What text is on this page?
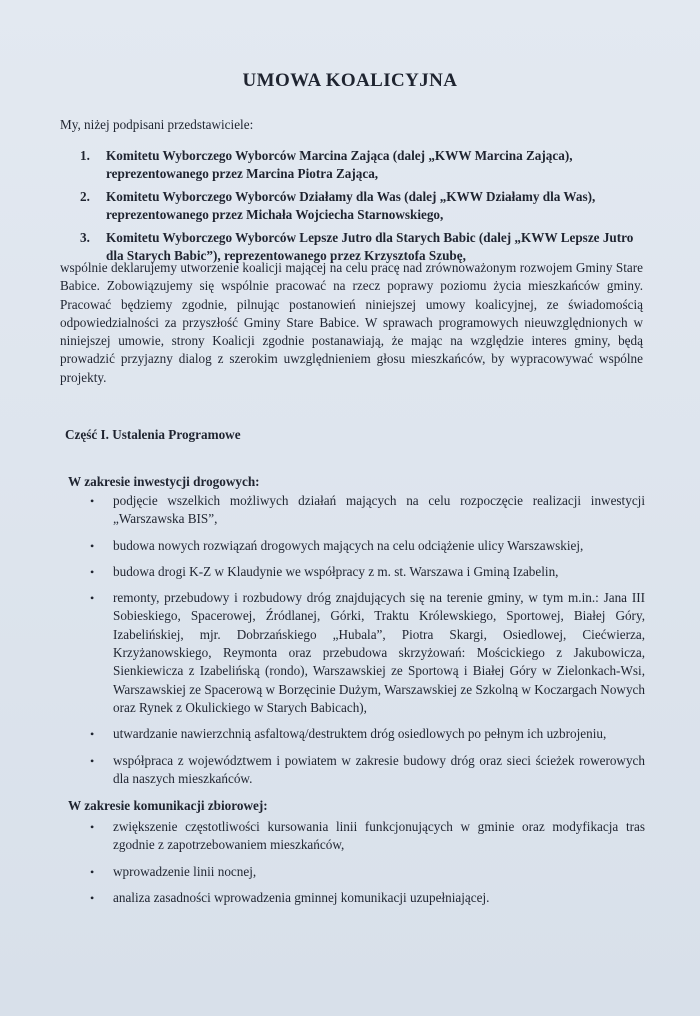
UMOWA KOALICYJNA
My, niżej podpisani przedstawiciele:
1. Komitetu Wyborczego Wyborców Marcina Zająca (dalej „KWW Marcina Zająca), reprezentowanego przez Marcina Piotra Zająca,
2. Komitetu Wyborczego Wyborców Działamy dla Was (dalej „KWW Działamy dla Was), reprezentowanego przez Michała Wojciecha Starnowskiego,
3. Komitetu Wyborczego Wyborców Lepsze Jutro dla Starych Babic (dalej „KWW Lepsze Jutro dla Starych Babic”), reprezentowanego przez Krzysztofa Szubę,
wspólnie deklarujemy utworzenie koalicji mającej na celu pracę nad zrównoważonym rozwojem Gminy Stare Babice. Zobowiązujemy się wspólnie pracować na rzecz poprawy poziomu życia mieszkańców gminy. Pracować będziemy zgodnie, pilnując postanowień niniejszej umowy koalicyjnej, ze świadomością odpowiedzialności za przyszłość Gminy Stare Babice. W sprawach programowych nieuwzględnionych w niniejszej umowie, strony Koalicji zgodnie postanawiają, że mając na względzie interes gminy, będą prowadzić przyjazny dialog z szerokim uwzględnieniem głosu mieszkańców, by wypracowywać wspólne projekty.
Część I. Ustalenia Programowe
W zakresie inwestycji drogowych:
• podjęcie wszelkich możliwych działań mających na celu rozpoczęcie realizacji inwestycji „Warszawska BIS”,
• budowa nowych rozwiązań drogowych mających na celu odciążenie ulicy Warszawskiej,
• budowa drogi K-Z w Klaudynie we współpracy z m. st. Warszawa i Gminą Izabelin,
• remonty, przebudowy i rozbudowy dróg znajdujących się na terenie gminy, w tym m.in.: Jana III Sobieskiego, Spacerowej, Źródlanej, Górki, Traktu Królewskiego, Sportowej, Białej Góry, Izabelińskiej, mjr. Dobrzańskiego „Hubala”, Piotra Skargi, Osiedlowej, Ciećwierza, Krzyżanowskiego, Reymonta oraz przebudowa skrzyżowań: Mościckiego z Jakubowicza, Sienkiewicza z Izabelińską (rondo), Warszawskiej ze Sportową i Białej Góry w Zielonkach-Wsi, Warszawskiej ze Spacerową w Borzęcinie Dużym, Warszawskiej ze Szkolną w Koczargach Nowych oraz Rynek z Okulickiego w Starych Babicach),
• utwardzanie nawierzchnią asfaltową/destruktem dróg osiedlowych po pełnym ich uzbrojeniu,
• współpraca z województwem i powiatem w zakresie budowy dróg oraz sieci ścieżek rowerowych dla naszych mieszkańców.
W zakresie komunikacji zbiorowej:
• zwiększenie częstotliwości kursowania linii funkcjonujących w gminie oraz modyfikacja tras zgodnie z zapotrzebowaniem mieszkańców,
• wprowadzenie linii nocnej,
• analiza zasadności wprowadzenia gminnej komunikacji uzupełniającej.
